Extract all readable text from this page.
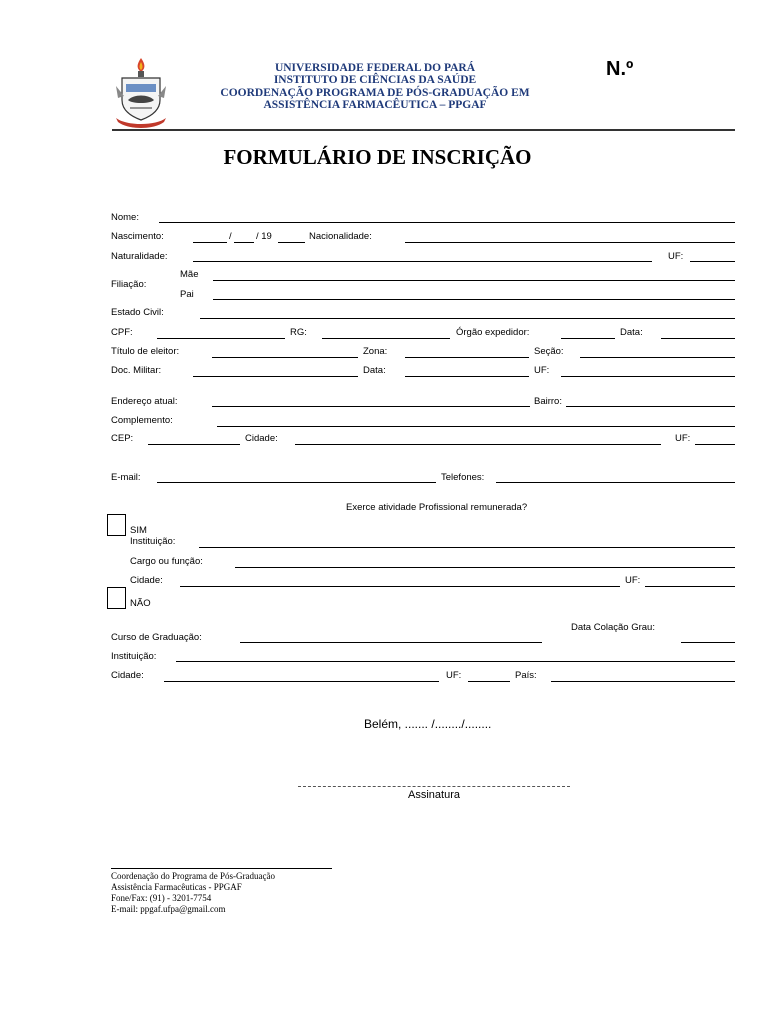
UNIVERSIDADE FEDERAL DO PARÁ
INSTITUTO DE CIÊNCIAS DA SAÚDE
COORDENAÇÃO PROGRAMA DE PÓS-GRADUAÇÃO EM
ASSISTÊNCIA FARMACÊUTICA – PPGAF
N.º
FORMULÁRIO DE INSCRIÇÃO
Nome:
Nascimento:	/	/ 19	Nacionalidade:
Naturalidade:	UF:
Filiação:
Mãe
Pai
Estado Civil:
CPF:	RG:	Órgão expedidor:	Data:
Título de eleitor:	Zona:	Seção:
Doc. Militar:	Data:	UF:
Endereço atual:	Bairro:
Complemento:
CEP:	Cidade:	UF:
E-mail:	Telefones:
Exerce atividade Profissional remunerada?
SIM
Instituição:
Cargo ou função:
Cidade:	UF:
NÃO
Data Colação Grau:
Curso de Graduação:
Instituição:
Cidade:	UF:	País:
Belém, ....... /......../........
Assinatura
Coordenação do Programa de Pós-Graduação
Assistência Farmacêuticas - PPGAF
Fone/Fax: (91) - 3201-7754
E-mail: ppgaf.ufpa@gmail.com
